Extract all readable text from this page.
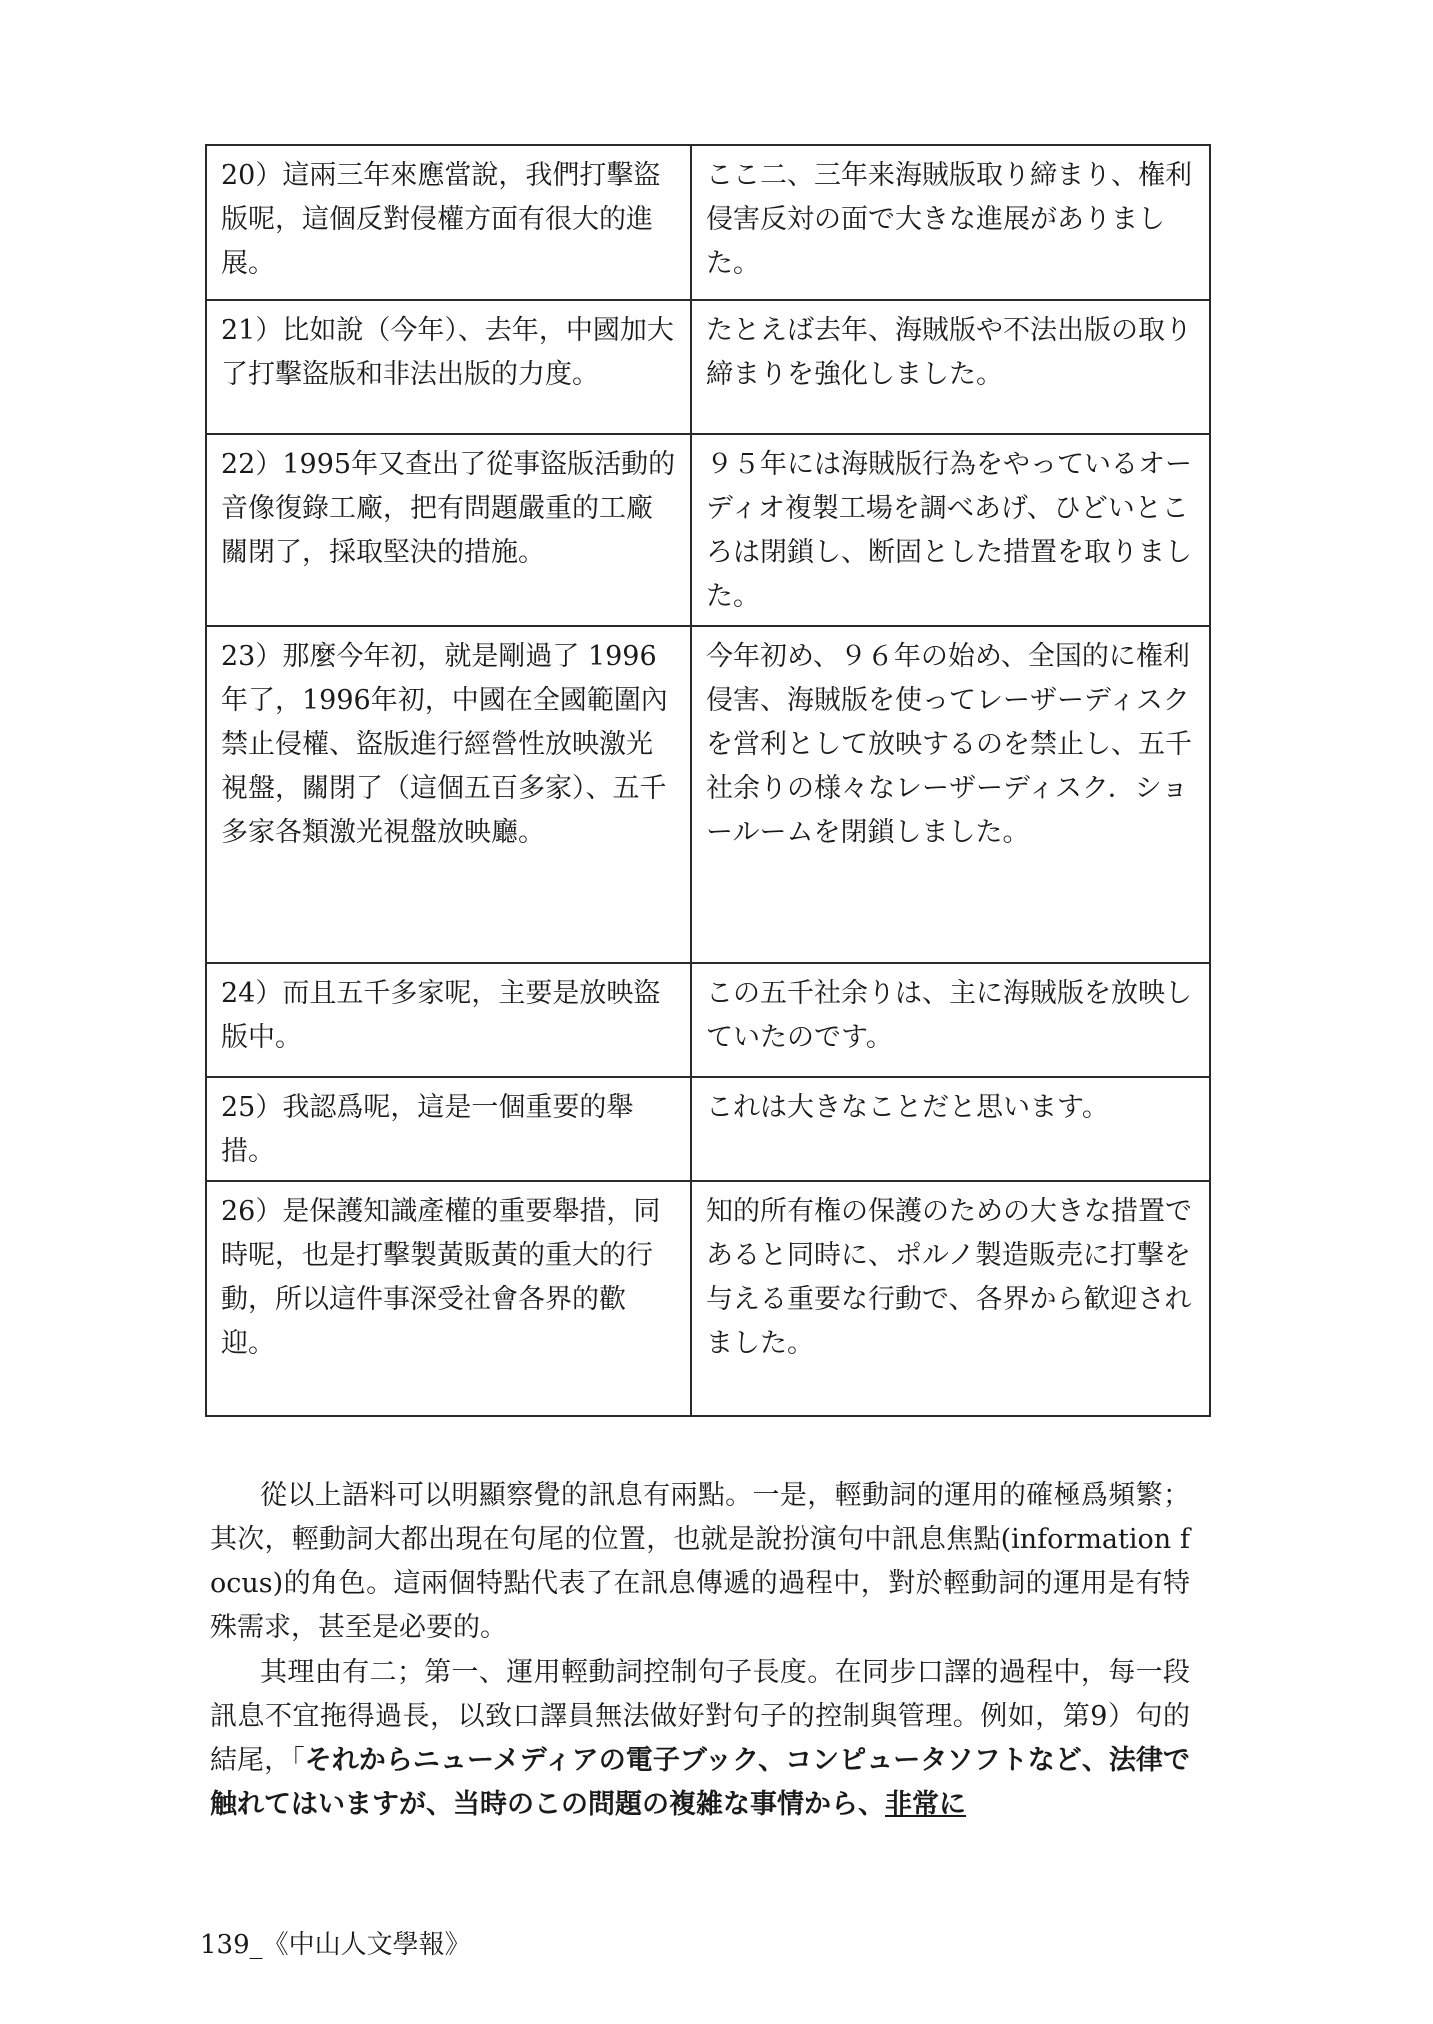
20）這兩三年來應當說，我們打擊盜版呢，這個反對侵權方面有很大的進展。	ここ二、三年来海賊版取り締まり、権利侵害反対の面で大きな進展がありました。
21）比如說（今年）、去年，中國加大了打擊盜版和非法出版的力度。	たとえば去年、海賊版や不法出版の取り締まりを強化しました。
22）1995年又查出了從事盜版活動的音像復錄工廠，把有問題嚴重的工廠關閉了，採取堅決的措施。	９５年には海賊版行為をやっているオーディオ複製工場を調べあげ、ひどいところは閉鎖し、断固とした措置を取りました。
23）那麼今年初，就是剛過了 1996 年了，1996年初，中國在全國範圍內禁止侵權、盜版進行經營性放映激光視盤，關閉了（這個五百多家）、五千多家各類激光視盤放映廳。	今年初め、９６年の始め、全国的に権利侵害、海賊版を使ってレーザーディスクを営利として放映するのを禁止し、五千社余りの様々なレーザーディスク．ショールームを閉鎖しました。
24）而且五千多家呢，主要是放映盜版中。	この五千社余りは、主に海賊版を放映していたのです。
25）我認爲呢，這是一個重要的舉措。	これは大きなことだと思います。
26）是保護知識產權的重要舉措，同時呢，也是打擊製黃販黃的重大的行動，所以這件事深受社會各界的歡迎。	知的所有権の保護のための大きな措置であると同時に、ポルノ製造販売に打撃を与える重要な行動で、各界から歓迎されました。

從以上語料可以明顯察覺的訊息有兩點。一是，輕動詞的運用的確極爲頻繁；其次，輕動詞大都出現在句尾的位置，也就是說扮演句中訊息焦點(information focus)的角色。這兩個特點代表了在訊息傳遞的過程中，對於輕動詞的運用是有特殊需求，甚至是必要的。

其理由有二；第一、運用輕動詞控制句子長度。在同步口譯的過程中，每一段訊息不宜拖得過長，以致口譯員無法做好對句子的控制與管理。例如，第9）句的結尾，「それからニューメディアの電子ブック、コンピュータソフトなど、法律で触れてはいますが、当時のこの問題の複雑な事情から、非常に

139_《中山人文學報》
